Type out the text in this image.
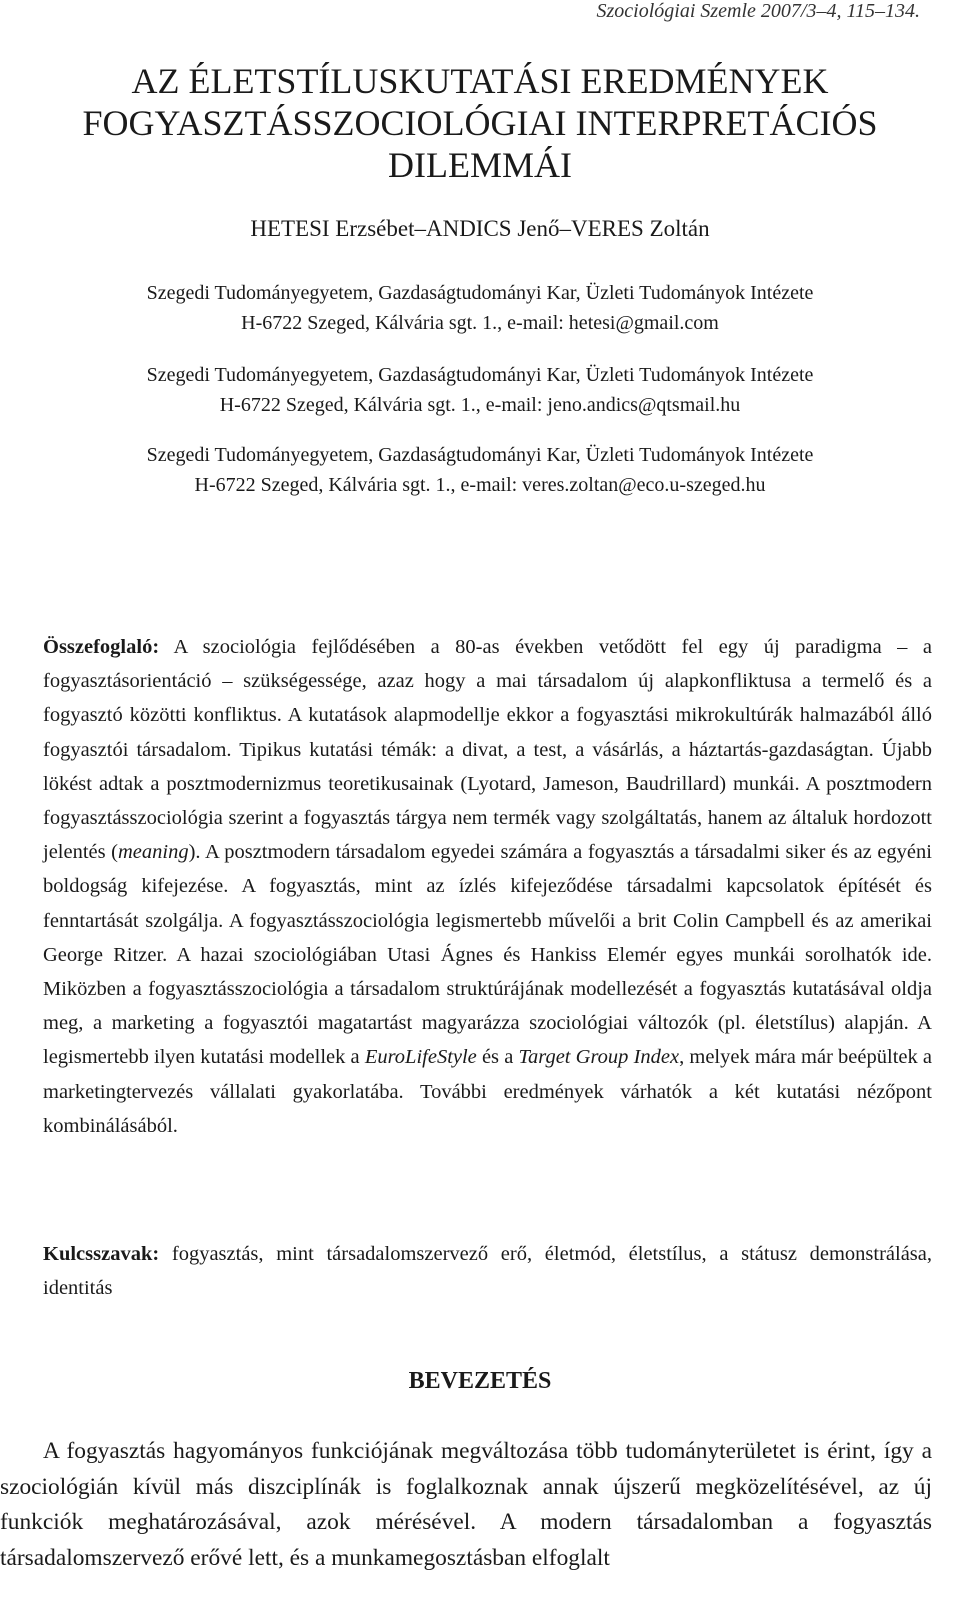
Szociológiai Szemle 2007/3–4, 115–134.
AZ ÉLETSTÍLUSKUTATÁSI EREDMÉNYEK
FOGYASZTÁSSZOCIOLÓGIAI INTERPRETÁCIÓS
DILEMMÁI
HETESI Erzsébet–ANDICS Jenő–VERES Zoltán
Szegedi Tudományegyetem, Gazdaságtudományi Kar, Üzleti Tudományok Intézete
H-6722 Szeged, Kálvária sgt. 1., e-mail: hetesi@gmail.com
Szegedi Tudományegyetem, Gazdaságtudományi Kar, Üzleti Tudományok Intézete
H-6722 Szeged, Kálvária sgt. 1., e-mail: jeno.andics@qtsmail.hu
Szegedi Tudományegyetem, Gazdaságtudományi Kar, Üzleti Tudományok Intézete
H-6722 Szeged, Kálvária sgt. 1., e-mail: veres.zoltan@eco.u-szeged.hu

Összefoglaló: A szociológia fejlődésében a 80-as években vetődött fel egy új paradigma – a fogyasztásorientáció – szükségessége, azaz hogy a mai társadalom új alapkonfliktusa a termelő és a fogyasztó közötti konfliktus. A kutatások alapmodellje ekkor a fogyasztási mikrokultúrák halmazából álló fogyasztói társadalom. Tipikus kutatási témák: a divat, a test, a vásárlás, a háztartás-gazdaságtan. Újabb lökést adtak a posztmodernizmus teoretikusainak (Lyotard, Jameson, Baudrillard) munkái. A posztmodern fogyasztásszociológia szerint a fogyasztás tárgya nem termék vagy szolgáltatás, hanem az általuk hordozott jelentés (meaning). A posztmodern társadalom egyedei számára a fogyasztás a társadalmi siker és az egyéni boldogság kifejezése. A fogyasztás, mint az ízlés kifejeződése társadalmi kapcsolatok építését és fenntartását szolgálja. A fogyasztásszociológia legismertebb művelői a brit Colin Campbell és az amerikai George Ritzer. A hazai szociológiában Utasi Ágnes és Hankiss Elemér egyes munkái sorolhatók ide. Miközben a fogyasztásszociológia a társadalom struktúrájának modellezését a fogyasztás kutatásával oldja meg, a marketing a fogyasztói magatartást magyarázza szociológiai változók (pl. életstílus) alapján. A legismertebb ilyen kutatási modellek a EuroLifeStyle és a Target Group Index, melyek mára már beépültek a marketingtervezés vállalati gyakorlatába. További eredmények várhatók a két kutatási nézőpont kombinálásából.

Kulcsszavak: fogyasztás, mint társadalomszervező erő, életmód, életstílus, a státusz demonstrálása, identitás

BEVEZETÉS

A fogyasztás hagyományos funkciójának megváltozása több tudományterületet is érint, így a szociológián kívül más diszciplínák is foglalkoznak annak újszerű megközelítésével, az új funkciók meghatározásával, azok mérésével. A modern társadalomban a fogyasztás társadalomszervező erővé lett, és a munkamegosztásban elfoglalt
